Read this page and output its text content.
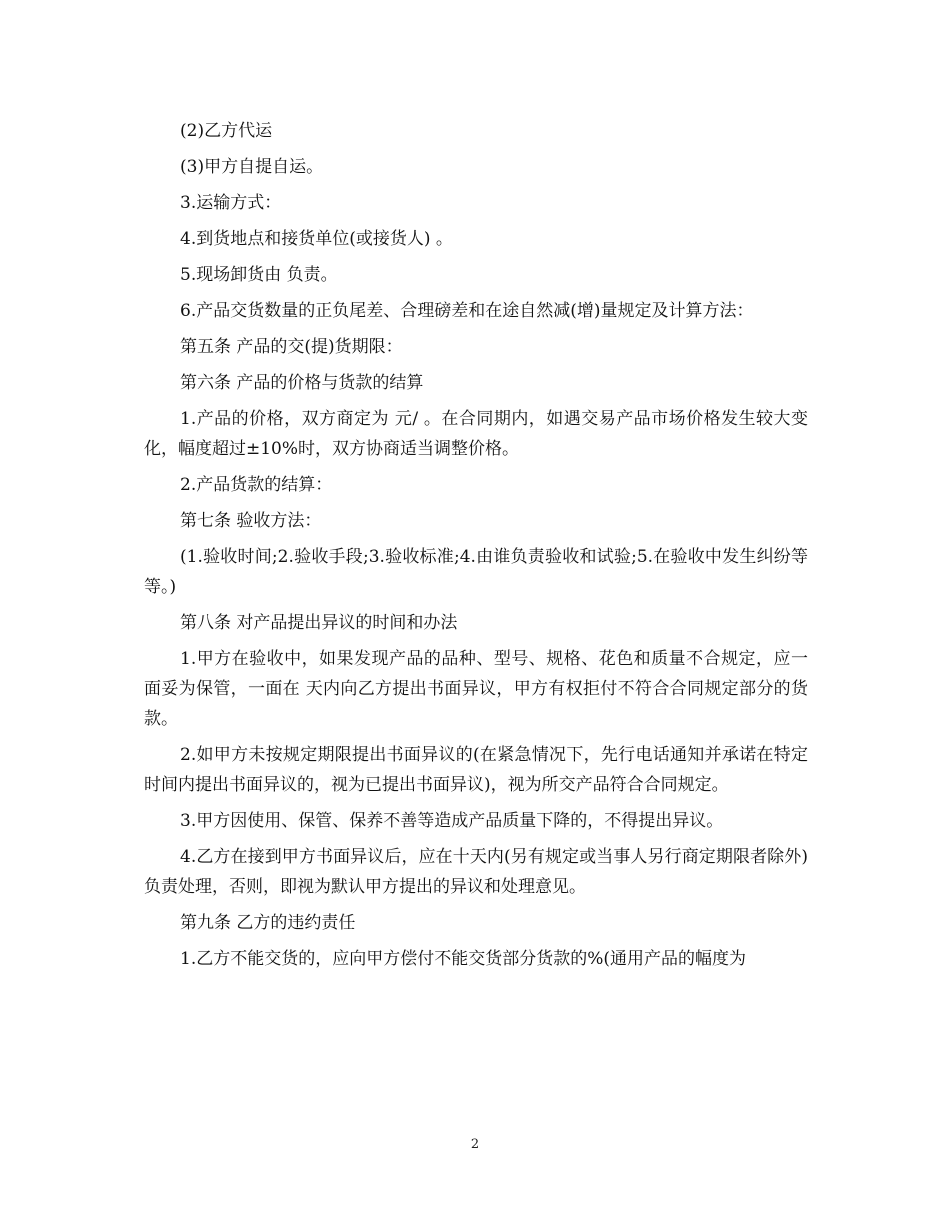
(2)乙方代运

(3)甲方自提自运。

3.运输方式：

4.到货地点和接货单位(或接货人) 。

5.现场卸货由 负责。

6.产品交货数量的正负尾差、合理磅差和在途自然减(增)量规定及计算方法：

第五条 产品的交(提)货期限：

第六条 产品的价格与货款的结算

1.产品的价格，双方商定为 元/ 。在合同期内，如遇交易产品市场价格发生较大变化，幅度超过±10%时，双方协商适当调整价格。

2.产品货款的结算：

第七条 验收方法：

(1.验收时间;2.验收手段;3.验收标准;4.由谁负责验收和试验;5.在验收中发生纠纷等等。)

第八条 对产品提出异议的时间和办法

1.甲方在验收中，如果发现产品的品种、型号、规格、花色和质量不合规定，应一面妥为保管，一面在 天内向乙方提出书面异议，甲方有权拒付不符合合同规定部分的货款。

2.如甲方未按规定期限提出书面异议的(在紧急情况下，先行电话通知并承诺在特定时间内提出书面异议的，视为已提出书面异议)，视为所交产品符合合同规定。

3.甲方因使用、保管、保养不善等造成产品质量下降的，不得提出异议。

4.乙方在接到甲方书面异议后，应在十天内(另有规定或当事人另行商定期限者除外)负责处理，否则，即视为默认甲方提出的异议和处理意见。

第九条 乙方的违约责任

1.乙方不能交货的，应向甲方偿付不能交货部分货款的%(通用产品的幅度为

2
